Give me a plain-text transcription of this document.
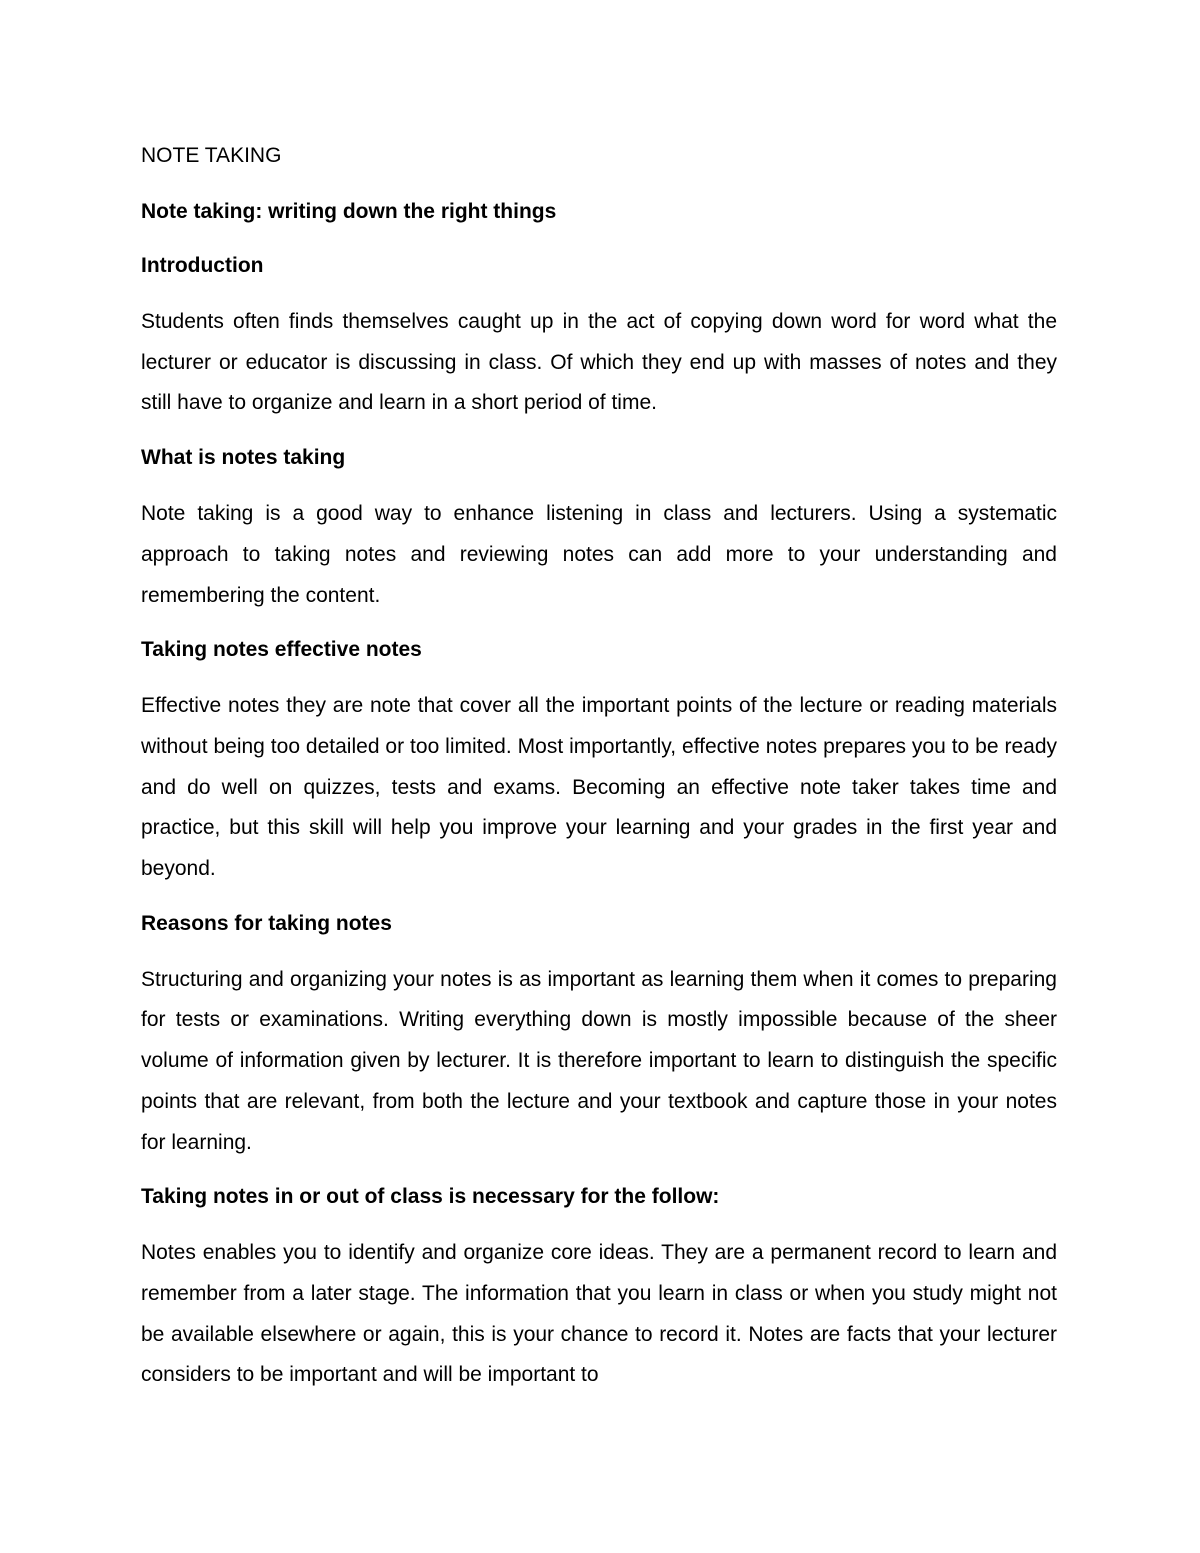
NOTE TAKING
Note taking: writing down the right things
Introduction
Students often finds themselves caught up in the act of copying down word for word what the lecturer or educator is discussing in class. Of which they end up with masses of notes and they still have to organize and learn in a short period of time.
What is notes taking
Note taking is a good way to enhance listening in class and lecturers. Using a systematic approach to taking notes and reviewing notes can add more to your understanding and remembering the content.
Taking notes effective notes
Effective notes they are note that cover all the important points of the lecture or reading materials without being too detailed or too limited. Most importantly, effective notes prepares you to be ready and do well on quizzes, tests and exams. Becoming an effective note taker takes time and practice, but this skill will help you improve your learning and your grades in the first year and beyond.
Reasons for taking notes
Structuring and organizing your notes is as important as learning them when it comes to preparing for tests or examinations. Writing everything down is mostly impossible because of the sheer volume of information given by lecturer. It is therefore important to learn to distinguish the specific points that are relevant, from both the lecture and your textbook and capture those in your notes for learning.
Taking notes in or out of class is necessary for the follow:
Notes enables you to identify and organize core ideas. They are a permanent record to learn and remember from a later stage. The information that you learn in class or when you study might not be available elsewhere or again, this is your chance to record it. Notes are facts that your lecturer considers to be important and will be important to
